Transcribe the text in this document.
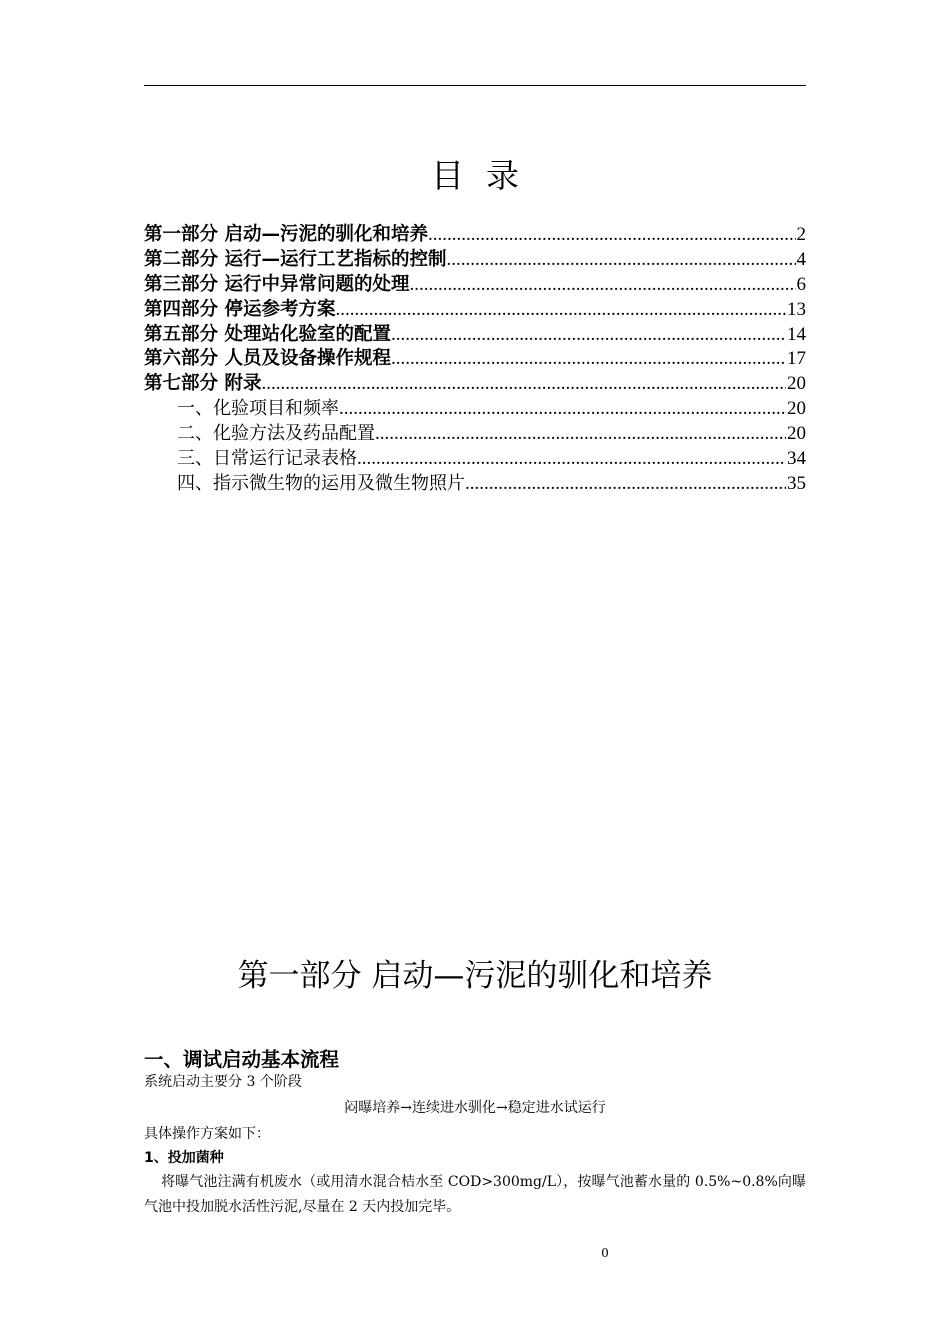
目录
第一部分 启动—污泥的驯化和培养 .....	2
第二部分 运行—运行工艺指标的控制 .....	4
第三部分 运行中异常问题的处理 .....	6
第四部分 停运参考方案 .....	13
第五部分 处理站化验室的配置 .....	14
第六部分 人员及设备操作规程 .....	17
第七部分 附录 .....	20
一、化验项目和频率 .....	20
二、化验方法及药品配置 .....	20
三、日常运行记录表格 .....	34
四、指示微生物的运用及微生物照片 .....	35
第一部分 启动—污泥的驯化和培养
一、调试启动基本流程
系统启动主要分 3 个阶段
闷曝培养→连续进水驯化→稳定进水试运行
具体操作方案如下：
1、投加菌种
将曝气池注满有机废水（或用清水混合桔水至 COD>300mg/L），按曝气池蓄水量的 0.5%~0.8%向曝气池中投加脱水活性污泥,尽量在 2 天内投加完毕。
0
